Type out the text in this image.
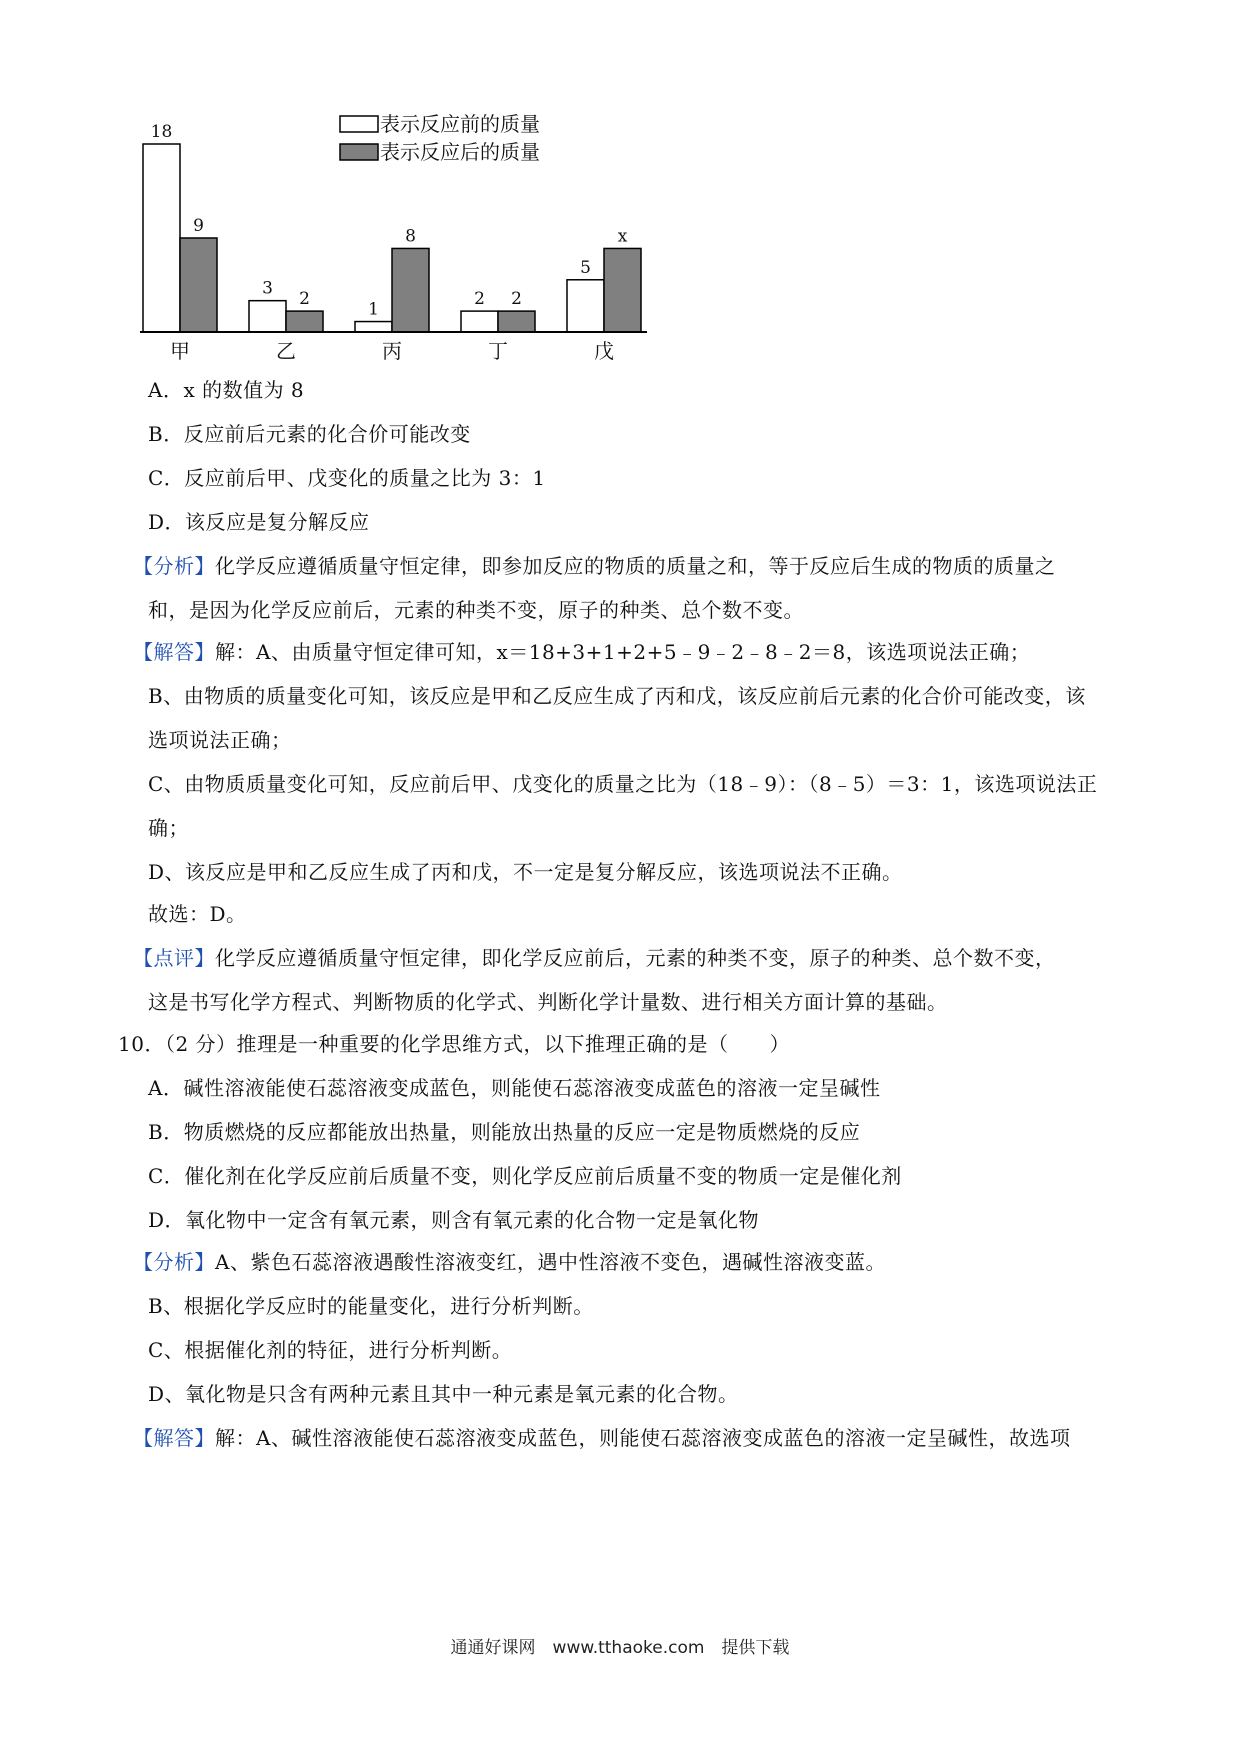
18
9
甲
3
2
乙
1
8
丙
2 2
丁
5
x
戊
表示反应前的质量
表示反应后的质量
A．x 的数值为 8
B．反应前后元素的化合价可能改变
C．反应前后甲、戊变化的质量之比为 3：1
D．该反应是复分解反应
【分析】化学反应遵循质量守恒定律，即参加反应的物质的质量之和，等于反应后生成的物质的质量之
和，是因为化学反应前后，元素的种类不变，原子的种类、总个数不变。
【解答】解：A、由质量守恒定律可知，x＝18+3+1+2+5﹣9﹣2﹣8﹣2＝8，该选项说法正确；
B、由物质的质量变化可知，该反应是甲和乙反应生成了丙和戊，该反应前后元素的化合价可能改变，该
选项说法正确；
C、由物质质量变化可知，反应前后甲、戊变化的质量之比为（18﹣9）：（8﹣5）＝3：1，该选项说法正
确；
D、该反应是甲和乙反应生成了丙和戊，不一定是复分解反应，该选项说法不正确。
故选：D。
【点评】化学反应遵循质量守恒定律，即化学反应前后，元素的种类不变，原子的种类、总个数不变，
这是书写化学方程式、判断物质的化学式、判断化学计量数、进行相关方面计算的基础。
10．（2 分）推理是一种重要的化学思维方式，以下推理正确的是（　　）
A．碱性溶液能使石蕊溶液变成蓝色，则能使石蕊溶液变成蓝色的溶液一定呈碱性
B．物质燃烧的反应都能放出热量，则能放出热量的反应一定是物质燃烧的反应
C．催化剂在化学反应前后质量不变，则化学反应前后质量不变的物质一定是催化剂
D．氧化物中一定含有氧元素，则含有氧元素的化合物一定是氧化物
【分析】A、紫色石蕊溶液遇酸性溶液变红，遇中性溶液不变色，遇碱性溶液变蓝。
B、根据化学反应时的能量变化，进行分析判断。
C、根据催化剂的特征，进行分析判断。
D、氧化物是只含有两种元素且其中一种元素是氧元素的化合物。
【解答】解：A、碱性溶液能使石蕊溶液变成蓝色，则能使石蕊溶液变成蓝色的溶液一定呈碱性，故选项
通通好课网　www.tthaoke.com　提供下载
